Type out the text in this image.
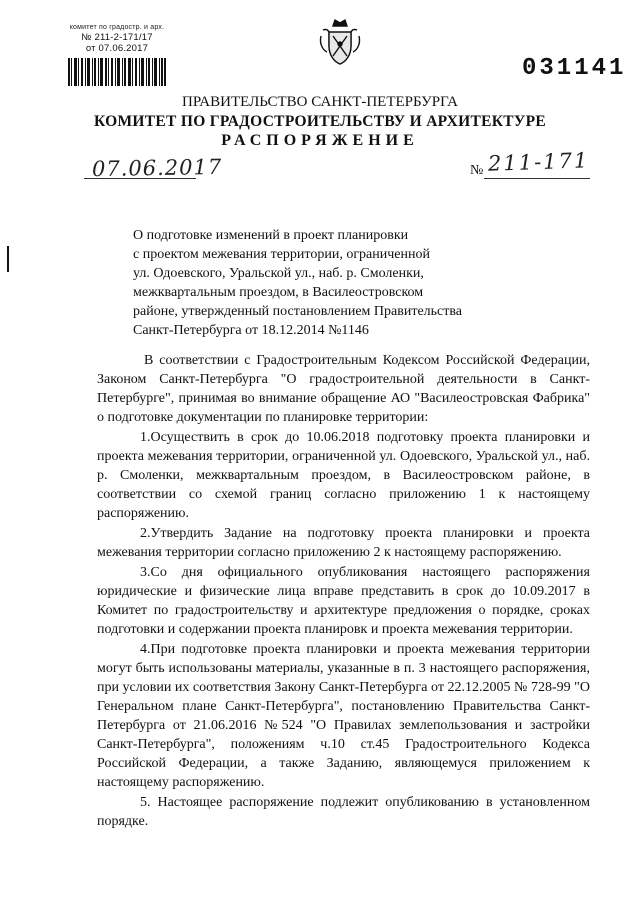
комитет по градостр. и арх.
№ 211-2-171/17
от 07.06.2017
031141
ПРАВИТЕЛЬСТВО САНКТ-ПЕТЕРБУРГА
КОМИТЕТ ПО ГРАДОСТРОИТЕЛЬСТВУ И АРХИТЕКТУРЕ
РАСПОРЯЖЕНИЕ
07.06.2017	№ 211-171
О подготовке изменений в проект планировки
с проектом межевания территории, ограниченной
ул. Одоевского, Уральской ул., наб. р. Смоленки,
межквартальным проездом, в Василеостровском
районе, утвержденный постановлением Правительства
Санкт-Петербурга от 18.12.2014 №1146

В соответствии с Градостроительным Кодексом Российской Федерации, Законом Санкт-Петербурга "О градостроительной деятельности в Санкт-Петербурге", принимая во внимание обращение АО "Василеостровская Фабрика" о подготовке документации по планировке территории:

1.Осуществить в срок до 10.06.2018 подготовку проекта планировки и проекта межевания территории, ограниченной ул. Одоевского, Уральской ул., наб. р. Смоленки, межквартальным проездом, в Василеостровском районе, в соответствии со схемой границ согласно приложению 1 к настоящему распоряжению.

2.Утвердить Задание на подготовку проекта планировки и проекта межевания территории согласно приложению 2 к настоящему распоряжению.

3.Со дня официального опубликования настоящего распоряжения юридические и физические лица вправе представить в срок до 10.09.2017 в Комитет по градостроительству и архитектуре предложения о порядке, сроках подготовки и содержании проекта планировк и проекта межевания территории.

4.При подготовке проекта планировки и проекта межевания территории могут быть использованы материалы, указанные в п. 3 настоящего распоряжения, при условии их соответствия Закону Санкт-Петербурга от 22.12.2005 № 728-99 "О Генеральном плане Санкт-Петербурга", постановлению Правительства Санкт-Петербурга от 21.06.2016 №524 "О Правилах землепользования и застройки Санкт-Петербурга", положениям ч.10 ст.45 Градостроительного Кодекса Российской Федерации, а также Заданию, являющемуся приложением к настоящему распоряжению.

5. Настоящее распоряжение подлежит опубликованию в установленном порядке.
